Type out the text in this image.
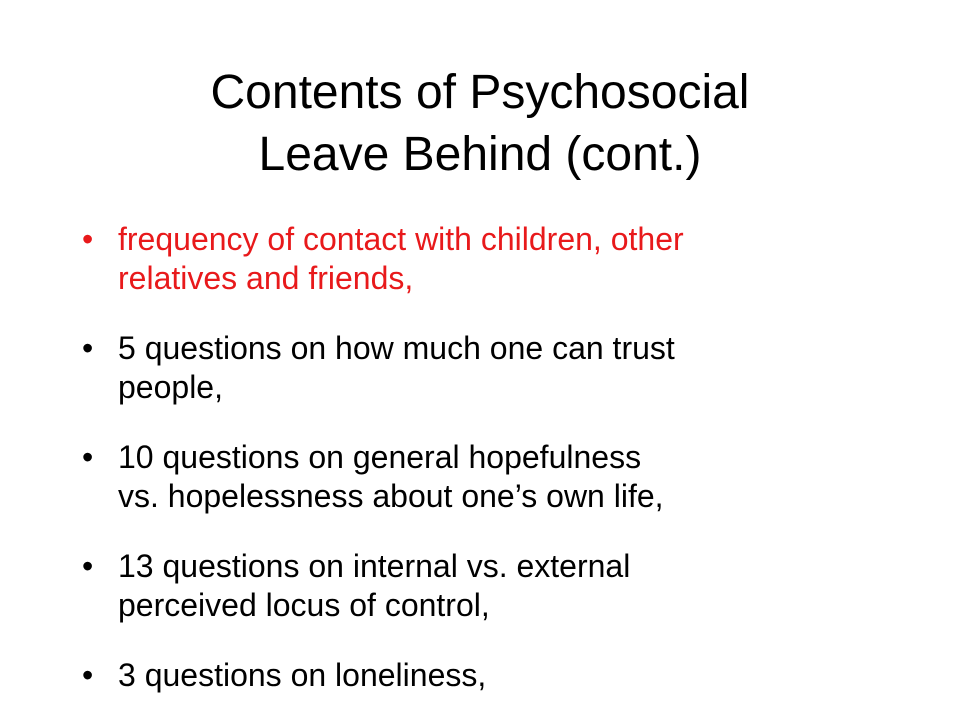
Contents of Psychosocial
Leave Behind (cont.)
• frequency of contact with children, other
relatives and friends,
• 5 questions on how much one can trust
people,
• 10 questions on general hopefulness
vs. hopelessness about one’s own life,
• 13 questions on internal vs. external
perceived locus of control,
• 3 questions on loneliness,
